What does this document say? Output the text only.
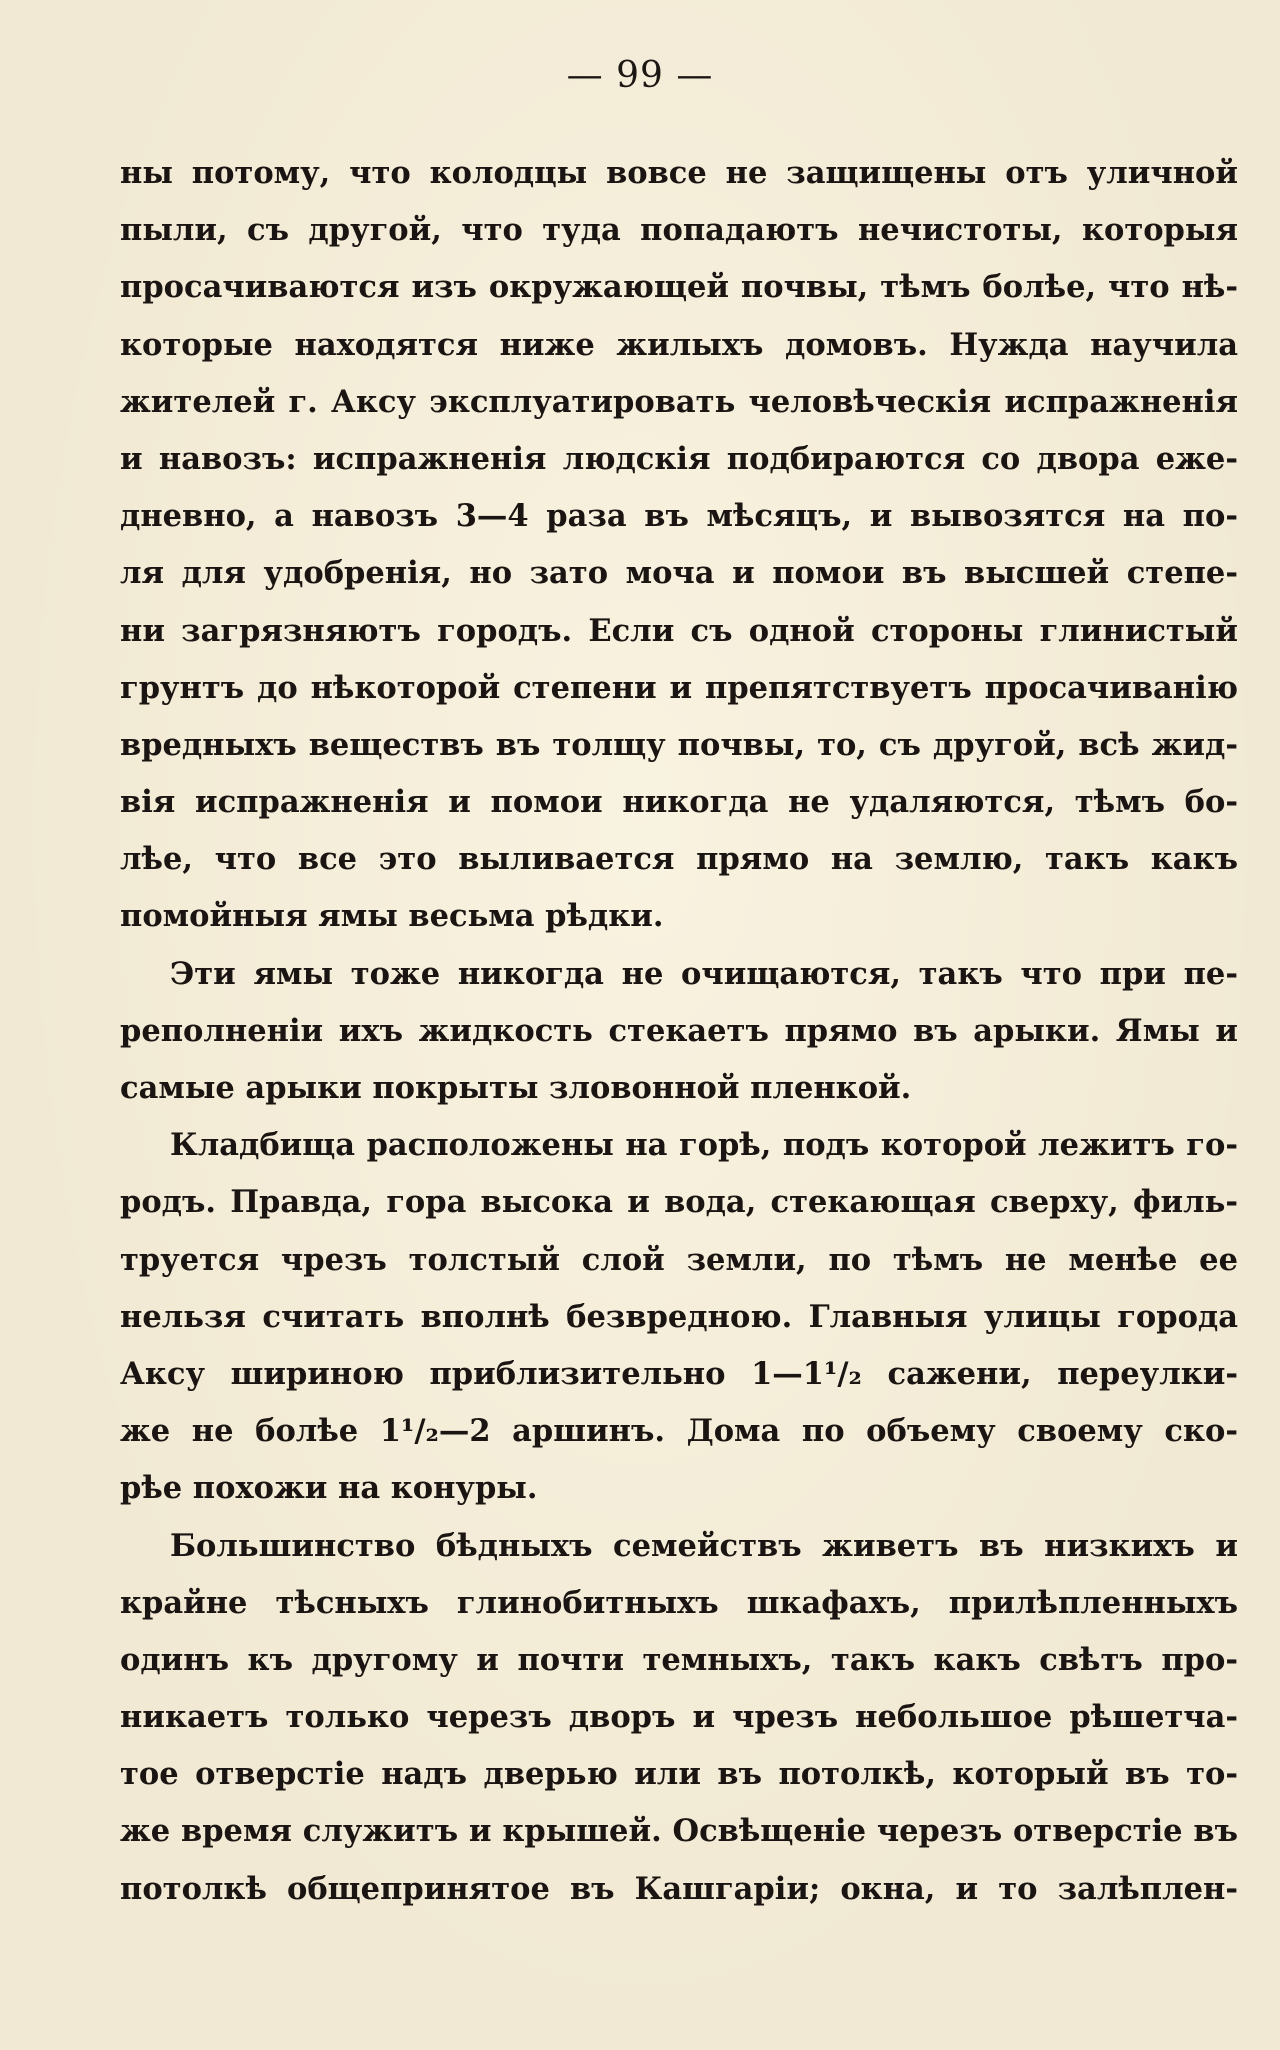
— 99 —
ны потому, что колодцы вовсе не защищены отъ уличной
пыли, съ другой, что туда попадаютъ нечистоты, которыя
просачиваются изъ окружающей почвы, тѣмъ болѣе, что нѣ-
которые находятся ниже жилыхъ домовъ. Нужда научила
жителей г. Аксу эксплуатировать человѣческія испражненія
и навозъ: испражненія людскія подбираются со двора еже-
дневно, а навозъ 3—4 раза въ мѣсяцъ, и вывозятся на по-
ля для удобренія, но зато моча и помои въ высшей степе-
ни загрязняютъ городъ. Если съ одной стороны глинистый
грунтъ до нѣкоторой степени и препятствуетъ просачиванію
вредныхъ веществъ въ толщу почвы, то, съ другой, всѣ жид-
вія испражненія и помои никогда не удаляются, тѣмъ бо-
лѣе, что все это выливается прямо на землю, такъ какъ
помойныя ямы весьма рѣдки.
Эти ямы тоже никогда не очищаются, такъ что при пе-
реполненіи ихъ жидкость стекаетъ прямо въ арыки. Ямы и
самые арыки покрыты зловонной пленкой.
Кладбища расположены на горѣ, подъ которой лежитъ го-
родъ. Правда, гора высока и вода, стекающая сверху, филь-
труется чрезъ толстый слой земли, по тѣмъ не менѣе ее
нельзя считать вполнѣ безвредною. Главныя улицы города
Аксу шириною приблизительно 1—1¹/₂ сажени, переулки-
же не болѣе 1¹/₂—2 аршинъ. Дома по объему своему ско-
рѣе похожи на конуры.
Большинство бѣдныхъ семействъ живетъ въ низкихъ и
крайне тѣсныхъ глинобитныхъ шкафахъ, прилѣпленныхъ
одинъ къ другому и почти темныхъ, такъ какъ свѣтъ про-
никаетъ только черезъ дворъ и чрезъ небольшое рѣшетча-
тое отверстіе надъ дверью или въ потолкѣ, который въ то-
же время служитъ и крышей. Освѣщеніе черезъ отверстіе въ
потолкѣ общепринятое въ Кашгаріи; окна, и то залѣплен-
